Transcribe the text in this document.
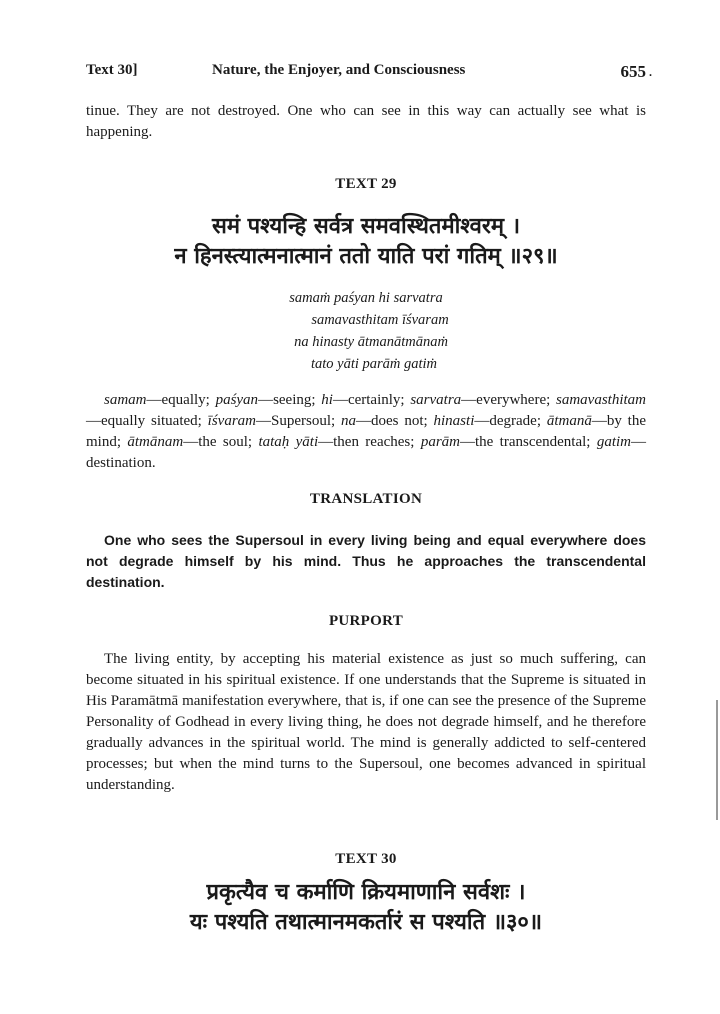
Text 30]	Nature, the Enjoyer, and Consciousness	655 .
tinue. They are not destroyed. One who can see in this way can actually see what is happening.
TEXT 29
समं पश्यन्हि सर्वत्र समवस्थितमीश्वरम् ।
न हिनस्त्यात्मनात्मानं ततो याति परां गतिम् ॥२९॥
samaṁ paśyan hi sarvatra
samavasthitam īśvaram
na hinasty ātmanātmānaṁ
tato yāti parāṁ gatiṁ
samam—equally; paśyan—seeing; hi—certainly; sarvatra—everywhere; samavasthitam—equally situated; īśvaram—Supersoul; na—does not; hinasti—degrade; ātmanā—by the mind; ātmānam—the soul; tataḥ yāti—then reaches; parām—the transcendental; gatim—destination.
TRANSLATION
One who sees the Supersoul in every living being and equal everywhere does not degrade himself by his mind. Thus he approaches the transcendental destination.
PURPORT
The living entity, by accepting his material existence as just so much suffering, can become situated in his spiritual existence. If one understands that the Supreme is situated in His Paramātmā manifestation everywhere, that is, if one can see the presence of the Supreme Personality of Godhead in every living thing, he does not degrade himself, and he therefore gradually advances in the spiritual world. The mind is generally addicted to self-centered processes; but when the mind turns to the Supersoul, one becomes advanced in spiritual understanding.
TEXT 30
प्रकृत्यैव च कर्माणि क्रियमाणानि सर्वशः ।
यः पश्यति तथात्मानमकर्तारं स पश्यति ॥३०॥
